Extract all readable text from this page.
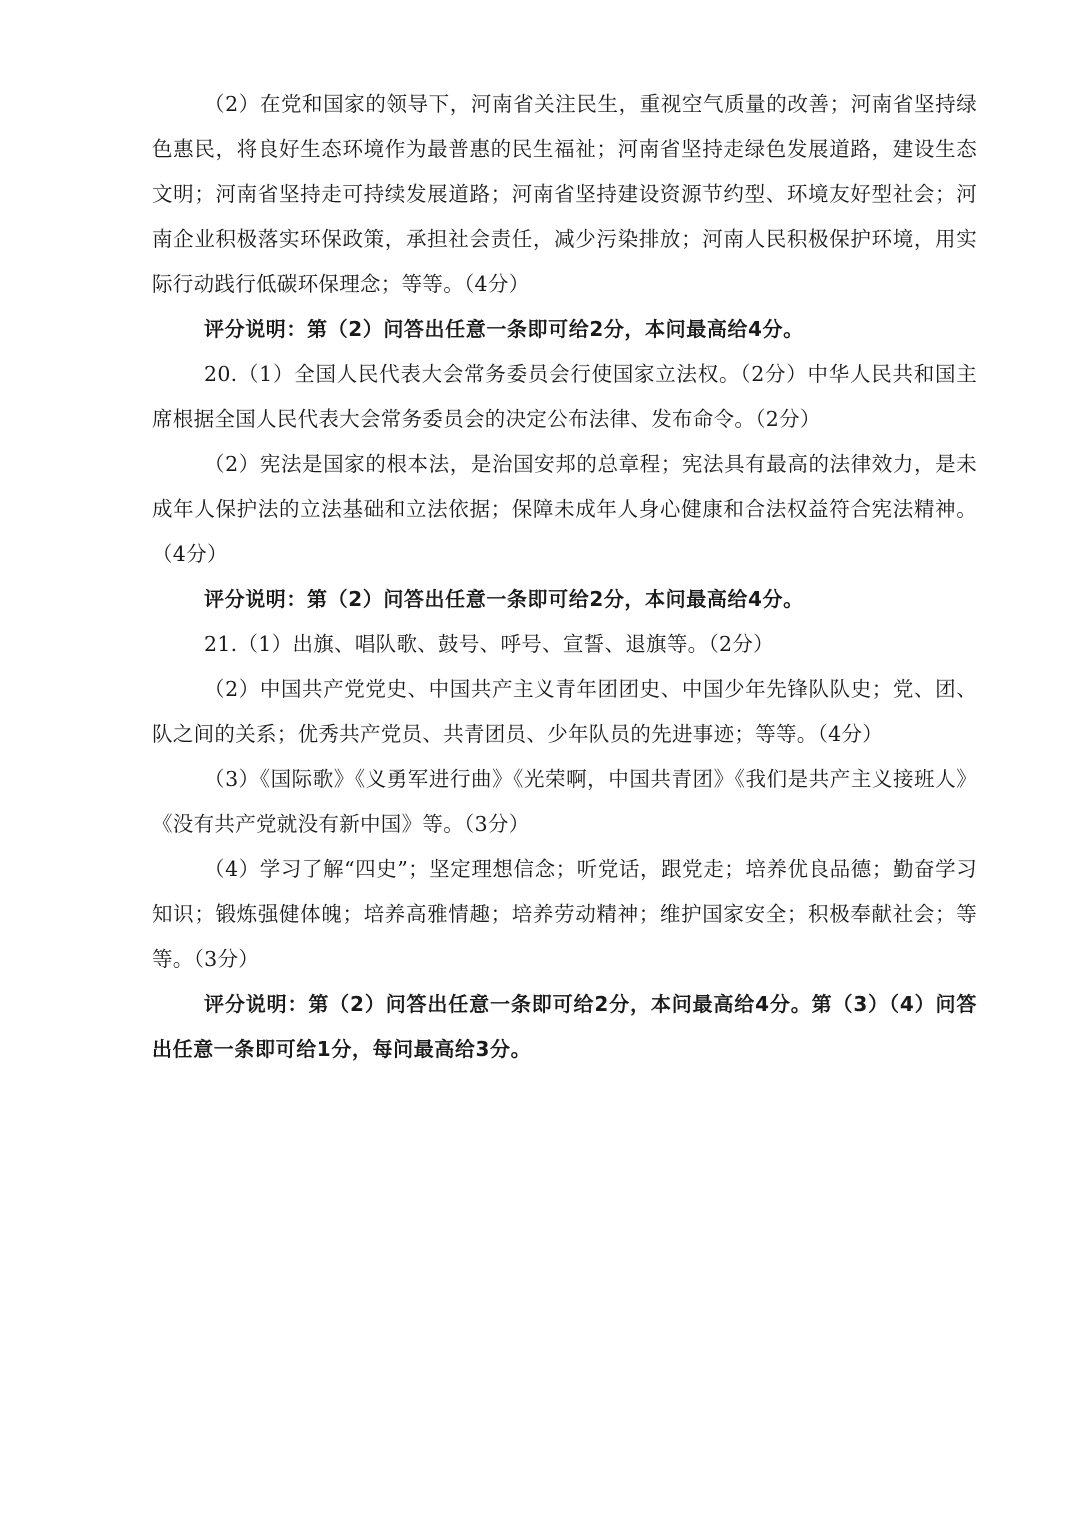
（2）在党和国家的领导下，河南省关注民生，重视空气质量的改善；河南省坚持绿色惠民，将良好生态环境作为最普惠的民生福祉；河南省坚持走绿色发展道路，建设生态文明；河南省坚持走可持续发展道路；河南省坚持建设资源节约型、环境友好型社会；河南企业积极落实环保政策，承担社会责任，减少污染排放；河南人民积极保护环境，用实际行动践行低碳环保理念；等等。（4分）

评分说明：第（2）问答出任意一条即可给2分，本问最高给4分。

20.（1）全国人民代表大会常务委员会行使国家立法权。（2分）中华人民共和国主席根据全国人民代表大会常务委员会的决定公布法律、发布命令。（2分）

（2）宪法是国家的根本法，是治国安邦的总章程；宪法具有最高的法律效力，是未成年人保护法的立法基础和立法依据；保障未成年人身心健康和合法权益符合宪法精神。（4分）

评分说明：第（2）问答出任意一条即可给2分，本问最高给4分。

21.（1）出旗、唱队歌、鼓号、呼号、宣誓、退旗等。（2分）

（2）中国共产党党史、中国共产主义青年团团史、中国少年先锋队队史；党、团、队之间的关系；优秀共产党员、共青团员、少年队员的先进事迹；等等。（4分）

（3）《国际歌》《义勇军进行曲》《光荣啊，中国共青团》《我们是共产主义接班人》《没有共产党就没有新中国》等。（3分）

（4）学习了解“四史”；坚定理想信念；听党话，跟党走；培养优良品德；勤奋学习知识；锻炼强健体魄；培养高雅情趣；培养劳动精神；维护国家安全；积极奉献社会；等等。（3分）

评分说明：第（2）问答出任意一条即可给2分，本问最高给4分。第（3）（4）问答出任意一条即可给1分，每问最高给3分。
